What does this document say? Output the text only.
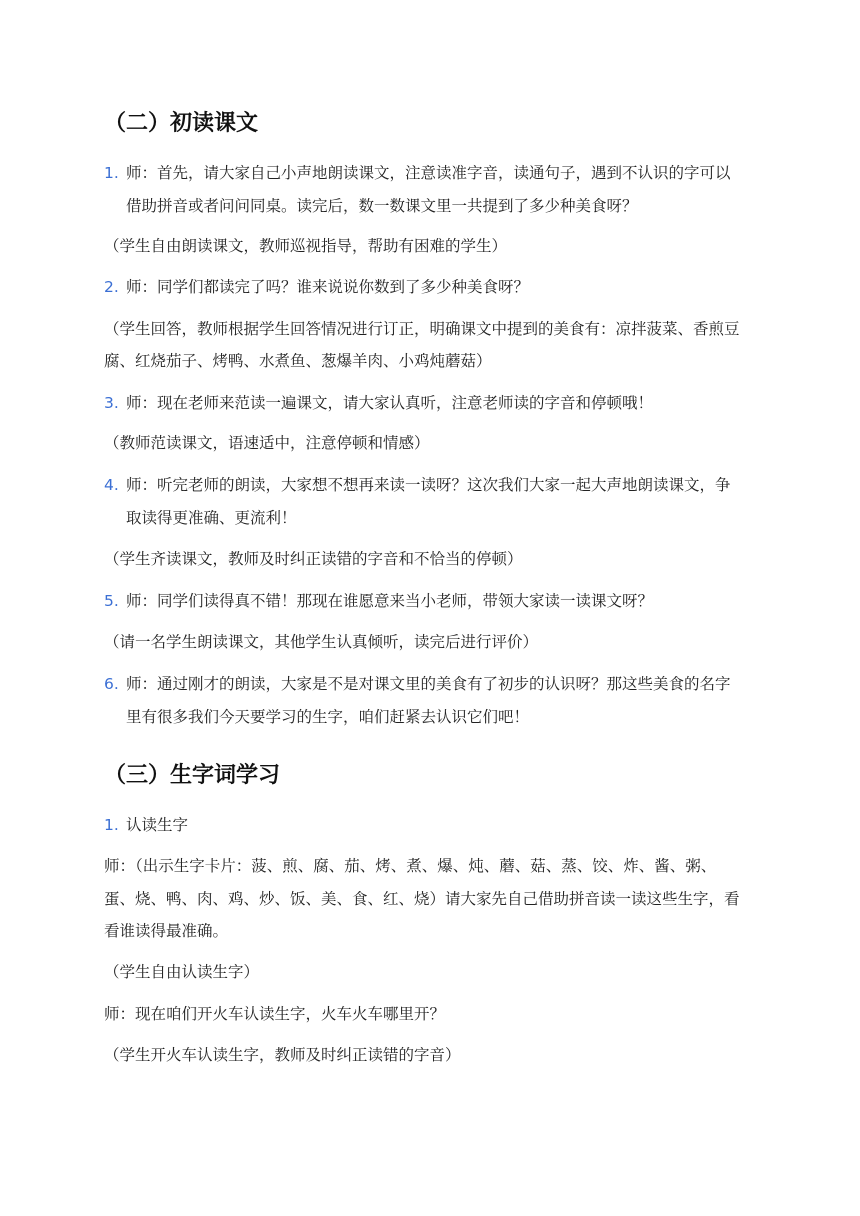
（二）初读课文
1. 师：首先，请大家自己小声地朗读课文，注意读准字音，读通句子，遇到不认识的字可以
借助拼音或者问问同桌。读完后，数一数课文里一共提到了多少种美食呀？
（学生自由朗读课文，教师巡视指导，帮助有困难的学生）
2. 师：同学们都读完了吗？谁来说说你数到了多少种美食呀？
（学生回答，教师根据学生回答情况进行订正，明确课文中提到的美食有：凉拌菠菜、香煎豆
腐、红烧茄子、烤鸭、水煮鱼、葱爆羊肉、小鸡炖蘑菇）
3. 师：现在老师来范读一遍课文，请大家认真听，注意老师读的字音和停顿哦！
（教师范读课文，语速适中，注意停顿和情感）
4. 师：听完老师的朗读，大家想不想再来读一读呀？这次我们大家一起大声地朗读课文，争
取读得更准确、更流利！
（学生齐读课文，教师及时纠正读错的字音和不恰当的停顿）
5. 师：同学们读得真不错！那现在谁愿意来当小老师，带领大家读一读课文呀？
（请一名学生朗读课文，其他学生认真倾听，读完后进行评价）
6. 师：通过刚才的朗读，大家是不是对课文里的美食有了初步的认识呀？那这些美食的名字
里有很多我们今天要学习的生字，咱们赶紧去认识它们吧！
（三）生字词学习
1. 认读生字
师：（出示生字卡片：菠、煎、腐、茄、烤、煮、爆、炖、蘑、菇、蒸、饺、炸、酱、粥、
蛋、烧、鸭、肉、鸡、炒、饭、美、食、红、烧）请大家先自己借助拼音读一读这些生字，看
看谁读得最准确。
（学生自由认读生字）
师：现在咱们开火车认读生字，火车火车哪里开？
（学生开火车认读生字，教师及时纠正读错的字音）
